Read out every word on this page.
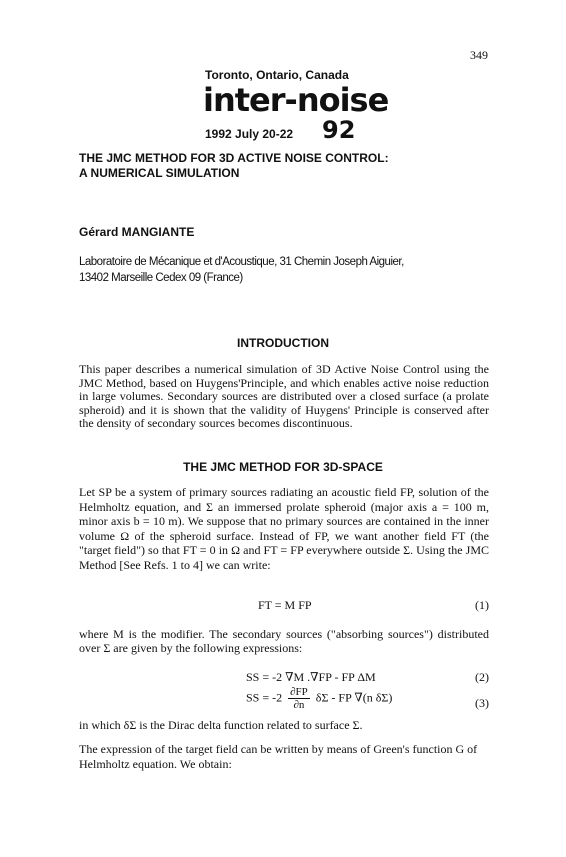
349
Toronto, Ontario, Canada
inter-noise
1992 July 20-22 92
THE JMC METHOD FOR 3D ACTIVE NOISE CONTROL:
A NUMERICAL SIMULATION
Gérard MANGIANTE
Laboratoire de Mécanique et d'Acoustique, 31 Chemin Joseph Aiguier,
13402 Marseille Cedex 09 (France)
INTRODUCTION
This paper describes a numerical simulation of 3D Active Noise Control using the JMC Method, based on Huygens'Principle, and which enables active noise reduction in large volumes. Secondary sources are distributed over a closed surface (a prolate spheroid) and it is shown that the validity of Huygens' Principle is conserved after the density of secondary sources becomes discontinuous.
THE JMC METHOD FOR 3D-SPACE
Let SP be a system of primary sources radiating an acoustic field FP, solution of the Helmholtz equation, and Σ an immersed prolate spheroid (major axis a = 100 m, minor axis b = 10 m). We suppose that no primary sources are contained in the inner volume Ω of the spheroid surface. Instead of FP, we want another field FT (the "target field") so that FT = 0 in Ω and FT = FP everywhere outside Σ. Using the JMC Method [See Refs. 1 to 4] we can write:
FT = M FP	(1)
where M is the modifier. The secondary sources ("absorbing sources") distributed over Σ are given by the following expressions:
SS = -2 ∇M .∇FP - FP ΔM	(2)
SS = $-2 \frac{\partial FP}{\partial n}$ δΣ - FP ∇(n δΣ)	(3)
in which δΣ is the Dirac delta function related to surface Σ.
The expression of the target field can be written by means of Green's function G of Helmholtz equation. We obtain:
